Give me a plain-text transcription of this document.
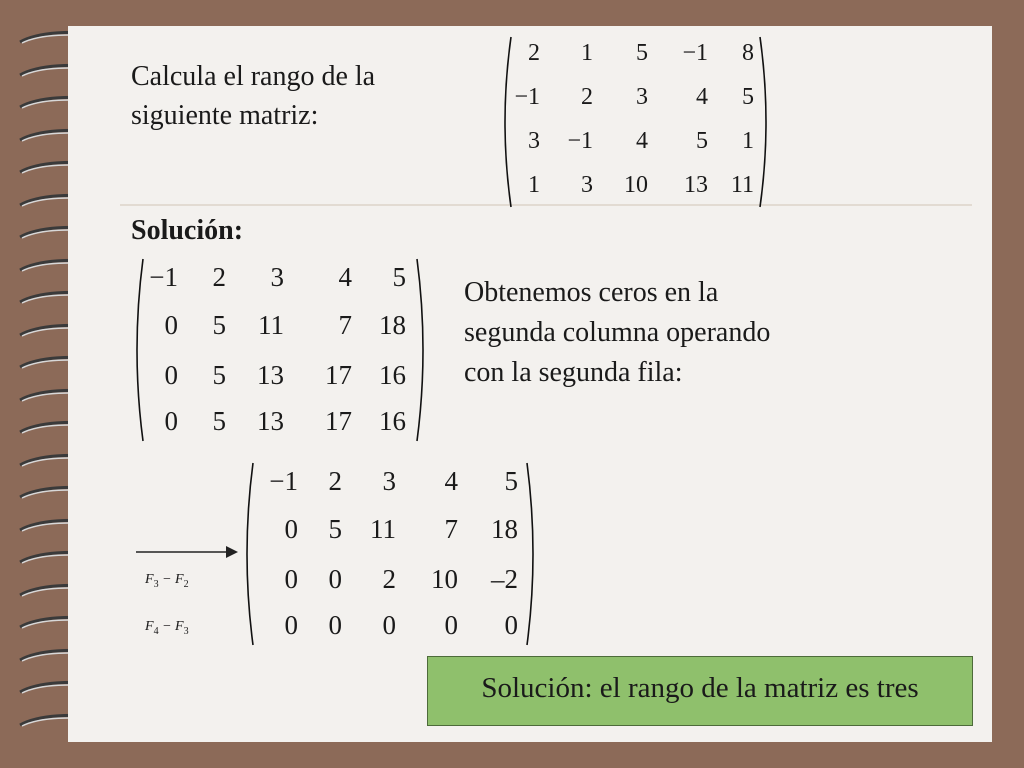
Calcula el rango de la
siguiente matriz:
2	1	5	−1	8
−1	2	3	4	5
3	−1	4	5	1
1	3	10	13 11
Solución:
−1	2	3	4	5
0	5	11	7	18
0	5	13	17	16
0	5	13	17	16
Obtenemos ceros en la
segunda columna operando
con la segunda fila:
$F_3 - F_2$
$F_4 - F_3$
−1	2	3	4	5
0	5	11	7	18
0	0	2	10	–2
0	0	0	0	0
Solución: el rango de la matriz es tres
